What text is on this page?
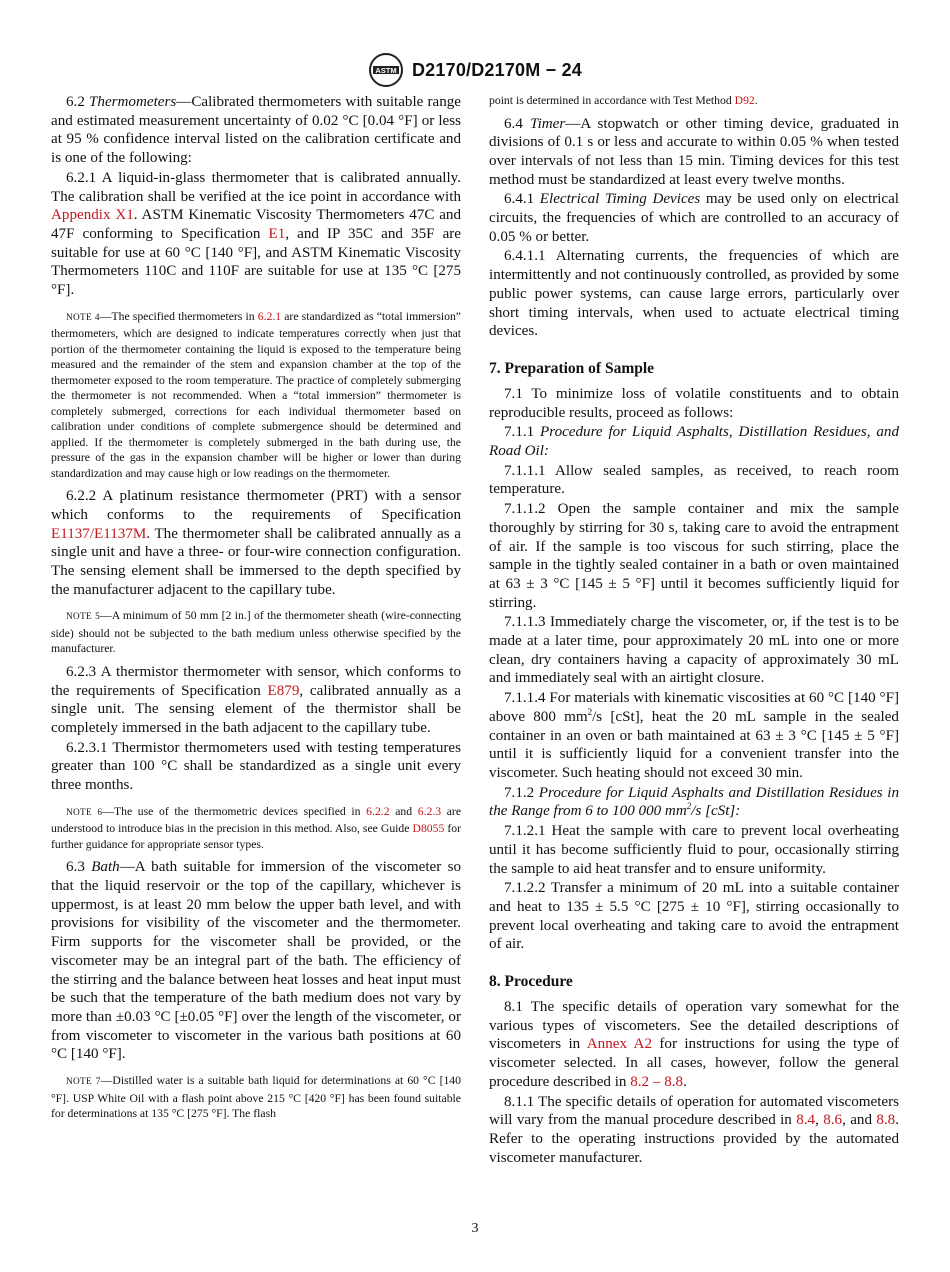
ASTM D2170/D2170M − 24

6.2 Thermometers—Calibrated thermometers with suitable range and estimated measurement uncertainty of 0.02 °C [0.04 °F] or less at 95 % confidence interval listed on the calibration certificate and is one of the following:

6.2.1 A liquid-in-glass thermometer that is calibrated annually. The calibration shall be verified at the ice point in accordance with Appendix X1. ASTM Kinematic Viscosity Thermometers 47C and 47F conforming to Specification E1, and IP 35C and 35F are suitable for use at 60 °C [140 °F], and ASTM Kinematic Viscosity Thermometers 110C and 110F are suitable for use at 135 °C [275 °F].

NOTE 4—The specified thermometers in 6.2.1 are standardized as “total immersion” thermometers, which are designed to indicate temperatures correctly when just that portion of the thermometer containing the liquid is exposed to the temperature being measured and the remainder of the stem and expansion chamber at the top of the thermometer exposed to the room temperature. The practice of completely submerging the thermometer is not recommended. When a “total immersion” thermometer is completely submerged, corrections for each individual thermometer based on calibration under conditions of complete submergence should be determined and applied. If the thermometer is completely submerged in the bath during use, the pressure of the gas in the expansion chamber will be higher or lower than during standardization and may cause high or low readings on the thermometer.

6.2.2 A platinum resistance thermometer (PRT) with a sensor which conforms to the requirements of Specification E1137/E1137M. The thermometer shall be calibrated annually as a single unit and have a three- or four-wire connection configuration. The sensing element shall be immersed to the depth specified by the manufacturer adjacent to the capillary tube.

NOTE 5—A minimum of 50 mm [2 in.] of the thermometer sheath (wire-connecting side) should not be subjected to the bath medium unless otherwise specified by the manufacturer.

6.2.3 A thermistor thermometer with sensor, which conforms to the requirements of Specification E879, calibrated annually as a single unit. The sensing element of the thermistor shall be completely immersed in the bath adjacent to the capillary tube.

6.2.3.1 Thermistor thermometers used with testing temperatures greater than 100 °C shall be standardized as a single unit every three months.

NOTE 6—The use of the thermometric devices specified in 6.2.2 and 6.2.3 are understood to introduce bias in the precision in this method. Also, see Guide D8055 for further guidance for appropriate sensor types.

6.3 Bath—A bath suitable for immersion of the viscometer so that the liquid reservoir or the top of the capillary, whichever is uppermost, is at least 20 mm below the upper bath level, and with provisions for visibility of the viscometer and the thermometer. Firm supports for the viscometer shall be provided, or the viscometer may be an integral part of the bath. The efficiency of the stirring and the balance between heat losses and heat input must be such that the temperature of the bath medium does not vary by more than ±0.03 °C [±0.05 °F] over the length of the viscometer, or from viscometer to viscometer in the various bath positions at 60 °C [140 °F].

NOTE 7—Distilled water is a suitable bath liquid for determinations at 60 °C [140 °F]. USP White Oil with a flash point above 215 °C [420 °F] has been found suitable for determinations at 135 °C [275 °F]. The flash
point is determined in accordance with Test Method D92.

6.4 Timer—A stopwatch or other timing device, graduated in divisions of 0.1 s or less and accurate to within 0.05 % when tested over intervals of not less than 15 min. Timing devices for this test method must be standardized at least every twelve months.

6.4.1 Electrical Timing Devices may be used only on electrical circuits, the frequencies of which are controlled to an accuracy of 0.05 % or better.

6.4.1.1 Alternating currents, the frequencies of which are intermittently and not continuously controlled, as provided by some public power systems, can cause large errors, particularly over short timing intervals, when used to actuate electrical timing devices.

7. Preparation of Sample

7.1 To minimize loss of volatile constituents and to obtain reproducible results, proceed as follows:

7.1.1 Procedure for Liquid Asphalts, Distillation Residues, and Road Oil:

7.1.1.1 Allow sealed samples, as received, to reach room temperature.

7.1.1.2 Open the sample container and mix the sample thoroughly by stirring for 30 s, taking care to avoid the entrapment of air. If the sample is too viscous for such stirring, place the sample in the tightly sealed container in a bath or oven maintained at 63 ± 3 °C [145 ± 5 °F] until it becomes sufficiently liquid for stirring.

7.1.1.3 Immediately charge the viscometer, or, if the test is to be made at a later time, pour approximately 20 mL into one or more clean, dry containers having a capacity of approximately 30 mL and immediately seal with an airtight closure.

7.1.1.4 For materials with kinematic viscosities at 60 °C [140 °F] above 800 $mm^2/s$ [cSt], heat the 20 mL sample in the sealed container in an oven or bath maintained at 63 ± 3 °C [145 ± 5 °F] until it is sufficiently liquid for a convenient transfer into the viscometer. Such heating should not exceed 30 min.

7.1.2 Procedure for Liquid Asphalts and Distillation Residues in the Range from 6 to 100 000 $mm^2/s$ [cSt]:

7.1.2.1 Heat the sample with care to prevent local overheating until it has become sufficiently fluid to pour, occasionally stirring the sample to aid heat transfer and to ensure uniformity.

7.1.2.2 Transfer a minimum of 20 mL into a suitable container and heat to 135 ± 5.5 °C [275 ± 10 °F], stirring occasionally to prevent local overheating and taking care to avoid the entrapment of air.

8. Procedure

8.1 The specific details of operation vary somewhat for the various types of viscometers. See the detailed descriptions of viscometers in Annex A2 for instructions for using the type of viscometer selected. In all cases, however, follow the general procedure described in 8.2 – 8.8.

8.1.1 The specific details of operation for automated viscometers will vary from the manual procedure described in 8.4, 8.6, and 8.8. Refer to the operating instructions provided by the automated viscometer manufacturer.

3
